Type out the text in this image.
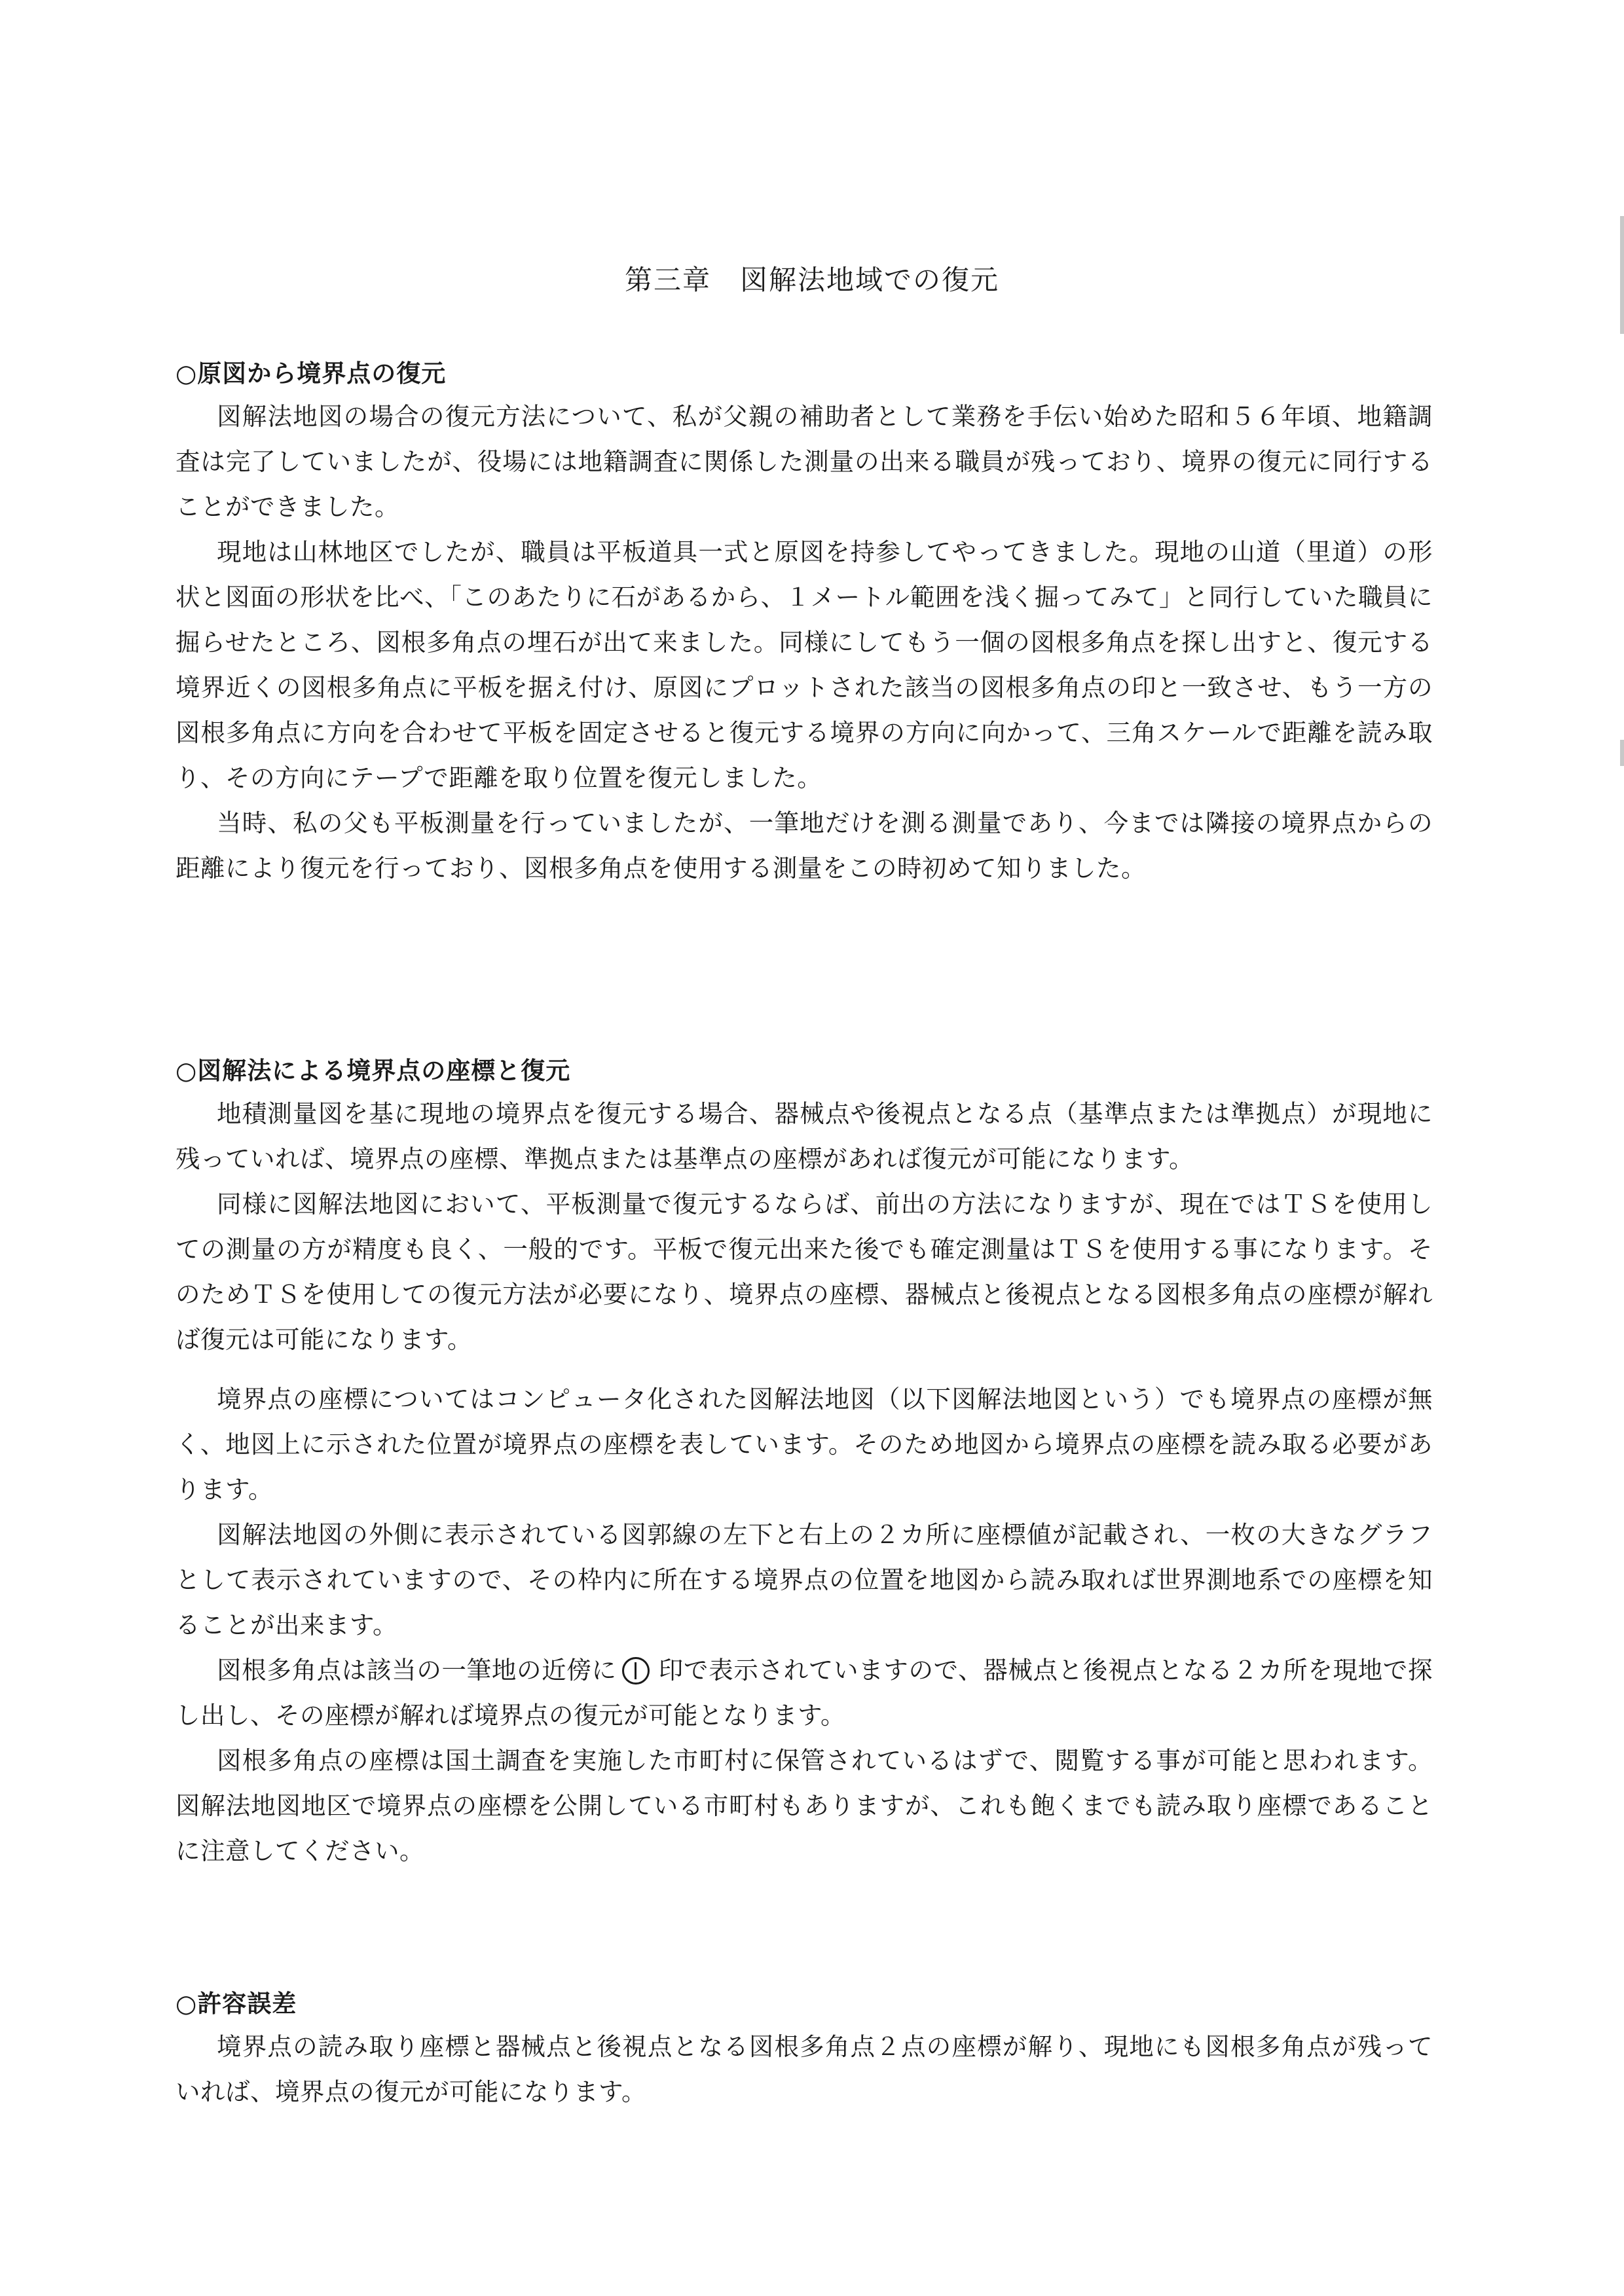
第三章　図解法地域での復元
○原図から境界点の復元

図解法地図の場合の復元方法について、私が父親の補助者として業務を手伝い始めた昭和５６年頃、地籍調査は完了していましたが、役場には地籍調査に関係した測量の出来る職員が残っており、境界の復元に同行することができました。

現地は山林地区でしたが、職員は平板道具一式と原図を持参してやってきました。現地の山道（里道）の形状と図面の形状を比べ、「このあたりに石があるから、１メートル範囲を浅く掘ってみて」と同行していた職員に掘らせたところ、図根多角点の埋石が出て来ました。同様にしてもう一個の図根多角点を探し出すと、復元する境界近くの図根多角点に平板を据え付け、原図にプロットされた該当の図根多角点の印と一致させ、もう一方の図根多角点に方向を合わせて平板を固定させると復元する境界の方向に向かって、三角スケールで距離を読み取り、その方向にテープで距離を取り位置を復元しました。

当時、私の父も平板測量を行っていましたが、一筆地だけを測る測量であり、今までは隣接の境界点からの距離により復元を行っており、図根多角点を使用する測量をこの時初めて知りました。

○図解法による境界点の座標と復元

地積測量図を基に現地の境界点を復元する場合、器械点や後視点となる点（基準点または準拠点）が現地に残っていれば、境界点の座標、準拠点または基準点の座標があれば復元が可能になります。

同様に図解法地図において、平板測量で復元するならば、前出の方法になりますが、現在ではＴＳを使用しての測量の方が精度も良く、一般的です。平板で復元出来た後でも確定測量はＴＳを使用する事になります。そのためＴＳを使用しての復元方法が必要になり、境界点の座標、器械点と後視点となる図根多角点の座標が解れば復元は可能になります。

境界点の座標についてはコンピュータ化された図解法地図（以下図解法地図という）でも境界点の座標が無く、地図上に示された位置が境界点の座標を表しています。そのため地図から境界点の座標を読み取る必要があります。

図解法地図の外側に表示されている図郭線の左下と右上の２カ所に座標値が記載され、一枚の大きなグラフとして表示されていますので、その枠内に所在する境界点の位置を地図から読み取れば世界測地系での座標を知ることが出来ます。

図根多角点は該当の一筆地の近傍に 印で表示されていますので、器械点と後視点となる２カ所を現地で探し出し、その座標が解れば境界点の復元が可能となります。

図根多角点の座標は国土調査を実施した市町村に保管されているはずで、閲覧する事が可能と思われます。図解法地図地区で境界点の座標を公開している市町村もありますが、これも飽くまでも読み取り座標であることに注意してください。

○許容誤差

境界点の読み取り座標と器械点と後視点となる図根多角点２点の座標が解り、現地にも図根多角点が残っていれば、境界点の復元が可能になります。
